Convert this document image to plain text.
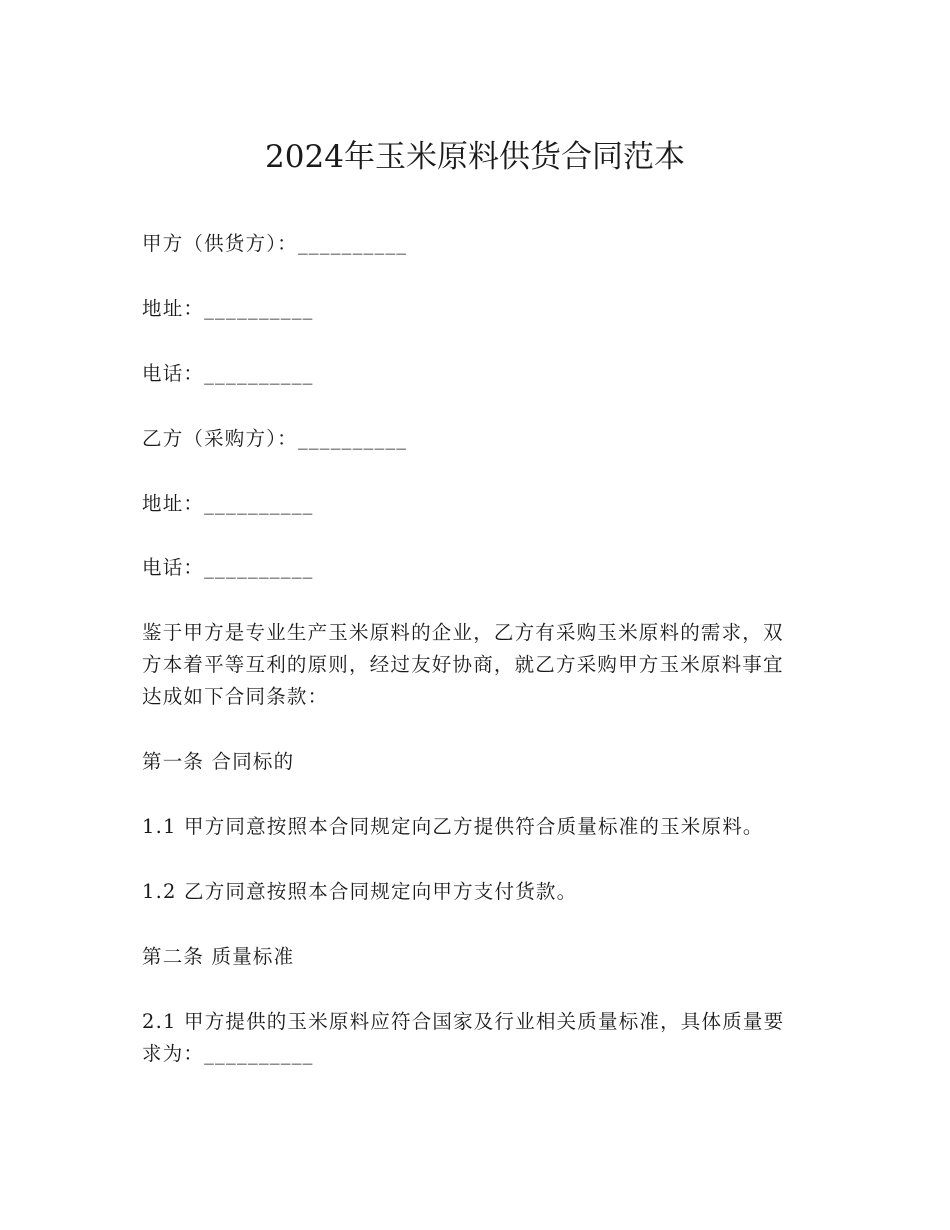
2024年玉米原料供货合同范本
甲方（供货方）：__________
地址：__________
电话：__________
乙方（采购方）：__________
地址：__________
电话：__________
鉴于甲方是专业生产玉米原料的企业，乙方有采购玉米原料的需求，双方本着平等互利的原则，经过友好协商，就乙方采购甲方玉米原料事宜达成如下合同条款：
第一条 合同标的
1.1 甲方同意按照本合同规定向乙方提供符合质量标准的玉米原料。
1.2 乙方同意按照本合同规定向甲方支付货款。
第二条 质量标准
2.1 甲方提供的玉米原料应符合国家及行业相关质量标准，具体质量要求为：__________
